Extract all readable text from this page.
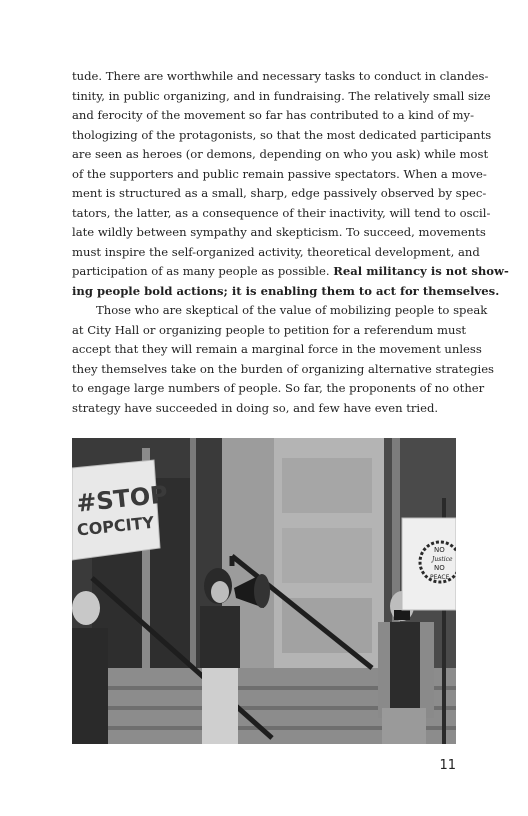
tude. There are worthwhile and necessary tasks to conduct in clandes-
tinity, in public organizing, and in fundraising. The relatively small size
and ferocity of the movement so far has contributed to a kind of my-
thologizing of the protagonists, so that the most dedicated participants
are seen as heroes (or demons, depending on who you ask) while most
of the supporters and public remain passive spectators. When a move-
ment is structured as a small, sharp, edge passively observed by spec-
tators, the latter, as a consequence of their inactivity, will tend to oscil-
late wildly between sympathy and skepticism. To succeed, movements
must inspire the self-organized activity, theoretical development, and
participation of as many people as possible. Real militancy is not show-
ing people bold actions; it is enabling them to act for themselves.

Those who are skeptical of the value of mobilizing people to speak
at City Hall or organizing people to petition for a referendum must
accept that they will remain a marginal force in the movement unless
they themselves take on the burden of organizing alternative strategies
to engage large numbers of people. So far, the proponents of no other
strategy have succeeded in doing so, and few have even tried.

#STOP
COPCITY
NO
Justice
NO
PEACE
11
